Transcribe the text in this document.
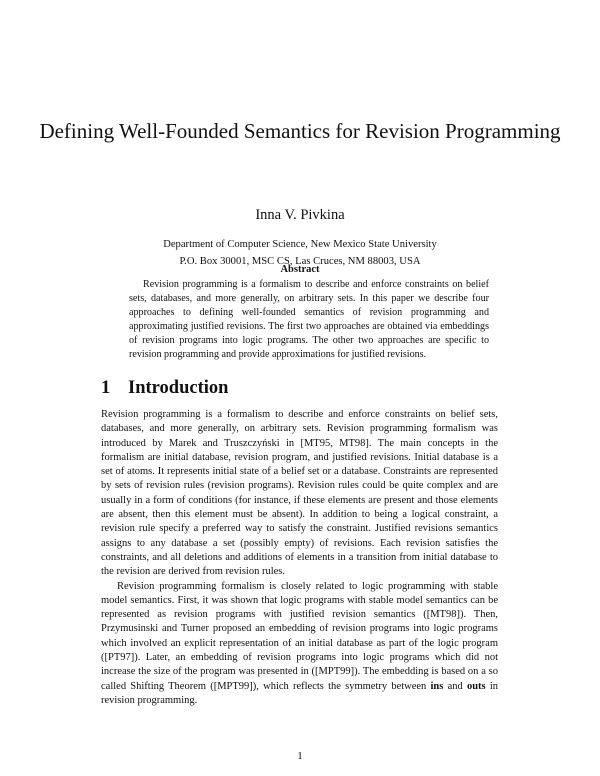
Defining Well-Founded Semantics for Revision Programming
Inna V. Pivkina
Department of Computer Science, New Mexico State University
P.O. Box 30001, MSC CS, Las Cruces, NM 88003, USA
Abstract

Revision programming is a formalism to describe and enforce constraints on belief sets, databases, and more generally, on arbitrary sets. In this paper we describe four approaches to defining well-founded semantics of revision programming and approximating justified revisions. The first two approaches are obtained via embeddings of revision programs into logic programs. The other two approaches are specific to revision programming and provide approximations for justified revisions.

1 Introduction

Revision programming is a formalism to describe and enforce constraints on belief sets, databases, and more generally, on arbitrary sets. Revision programming formalism was introduced by Marek and Truszczyński in [MT95, MT98]. The main concepts in the formalism are initial database, revision program, and justified revisions. Initial database is a set of atoms. It represents initial state of a belief set or a database. Constraints are represented by sets of revision rules (revision programs). Revision rules could be quite complex and are usually in a form of conditions (for instance, if these elements are present and those elements are absent, then this element must be absent). In addition to being a logical constraint, a revision rule specify a preferred way to satisfy the constraint. Justified revisions semantics assigns to any database a set (possibly empty) of revisions. Each revision satisfies the constraints, and all deletions and additions of elements in a transition from initial database to the revision are derived from revision rules.

Revision programming formalism is closely related to logic programming with stable model semantics. First, it was shown that logic programs with stable model semantics can be represented as revision programs with justified revision semantics ([MT98]). Then, Przymusinski and Turner proposed an embedding of revision programs into logic programs which involved an explicit representation of an initial database as part of the logic program ([PT97]). Later, an embedding of revision programs into logic programs which did not increase the size of the program was presented in ([MPT99]). The embedding is based on a so called Shifting Theorem ([MPT99]), which reflects the symmetry between ins and outs in revision programming.

1
